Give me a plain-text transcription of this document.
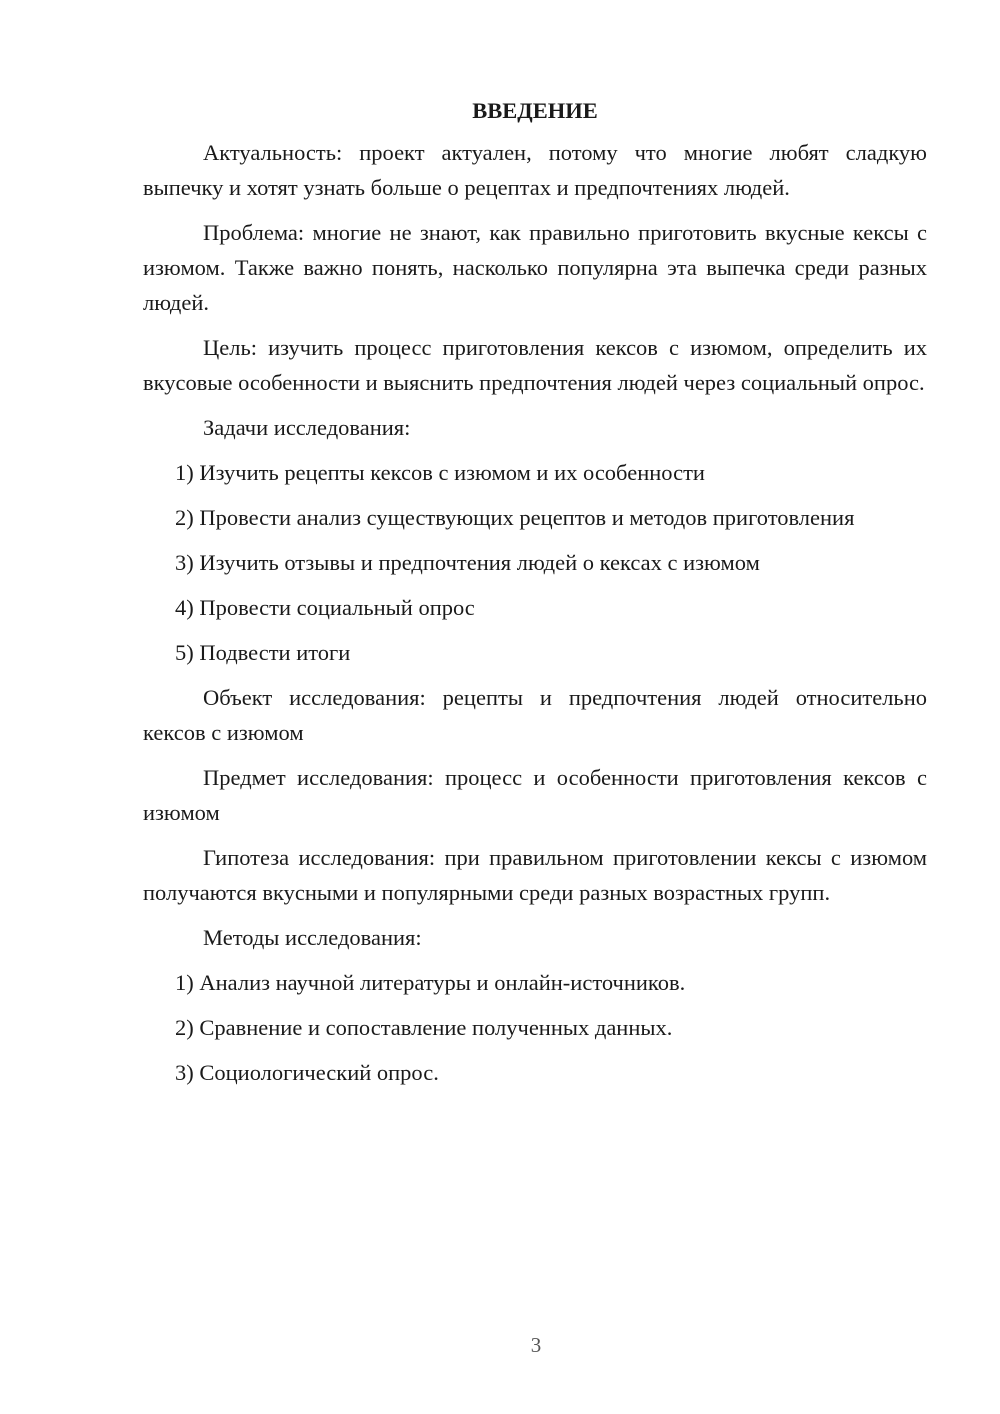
ВВЕДЕНИЕ

Актуальность: проект актуален, потому что многие любят сладкую выпечку и хотят узнать больше о рецептах и предпочтениях людей.

Проблема: многие не знают, как правильно приготовить вкусные кексы с изюмом. Также важно понять, насколько популярна эта выпечка среди разных людей.

Цель: изучить процесс приготовления кексов с изюмом, определить их вкусовые особенности и выяснить предпочтения людей через социальный опрос.

Задачи исследования:

1) Изучить рецепты кексов с изюмом и их особенности

2) Провести анализ существующих рецептов и методов приготовления

3) Изучить отзывы и предпочтения людей о кексах с изюмом

4) Провести социальный опрос

5) Подвести итоги

Объект исследования: рецепты и предпочтения людей относительно кексов с изюмом

Предмет исследования: процесс и особенности приготовления кексов с изюмом

Гипотеза исследования: при правильном приготовлении кексы с изюмом получаются вкусными и популярными среди разных возрастных групп.

Методы исследования:

1) Анализ научной литературы и онлайн-источников.

2) Сравнение и сопоставление полученных данных.

3) Социологический опрос.

3
